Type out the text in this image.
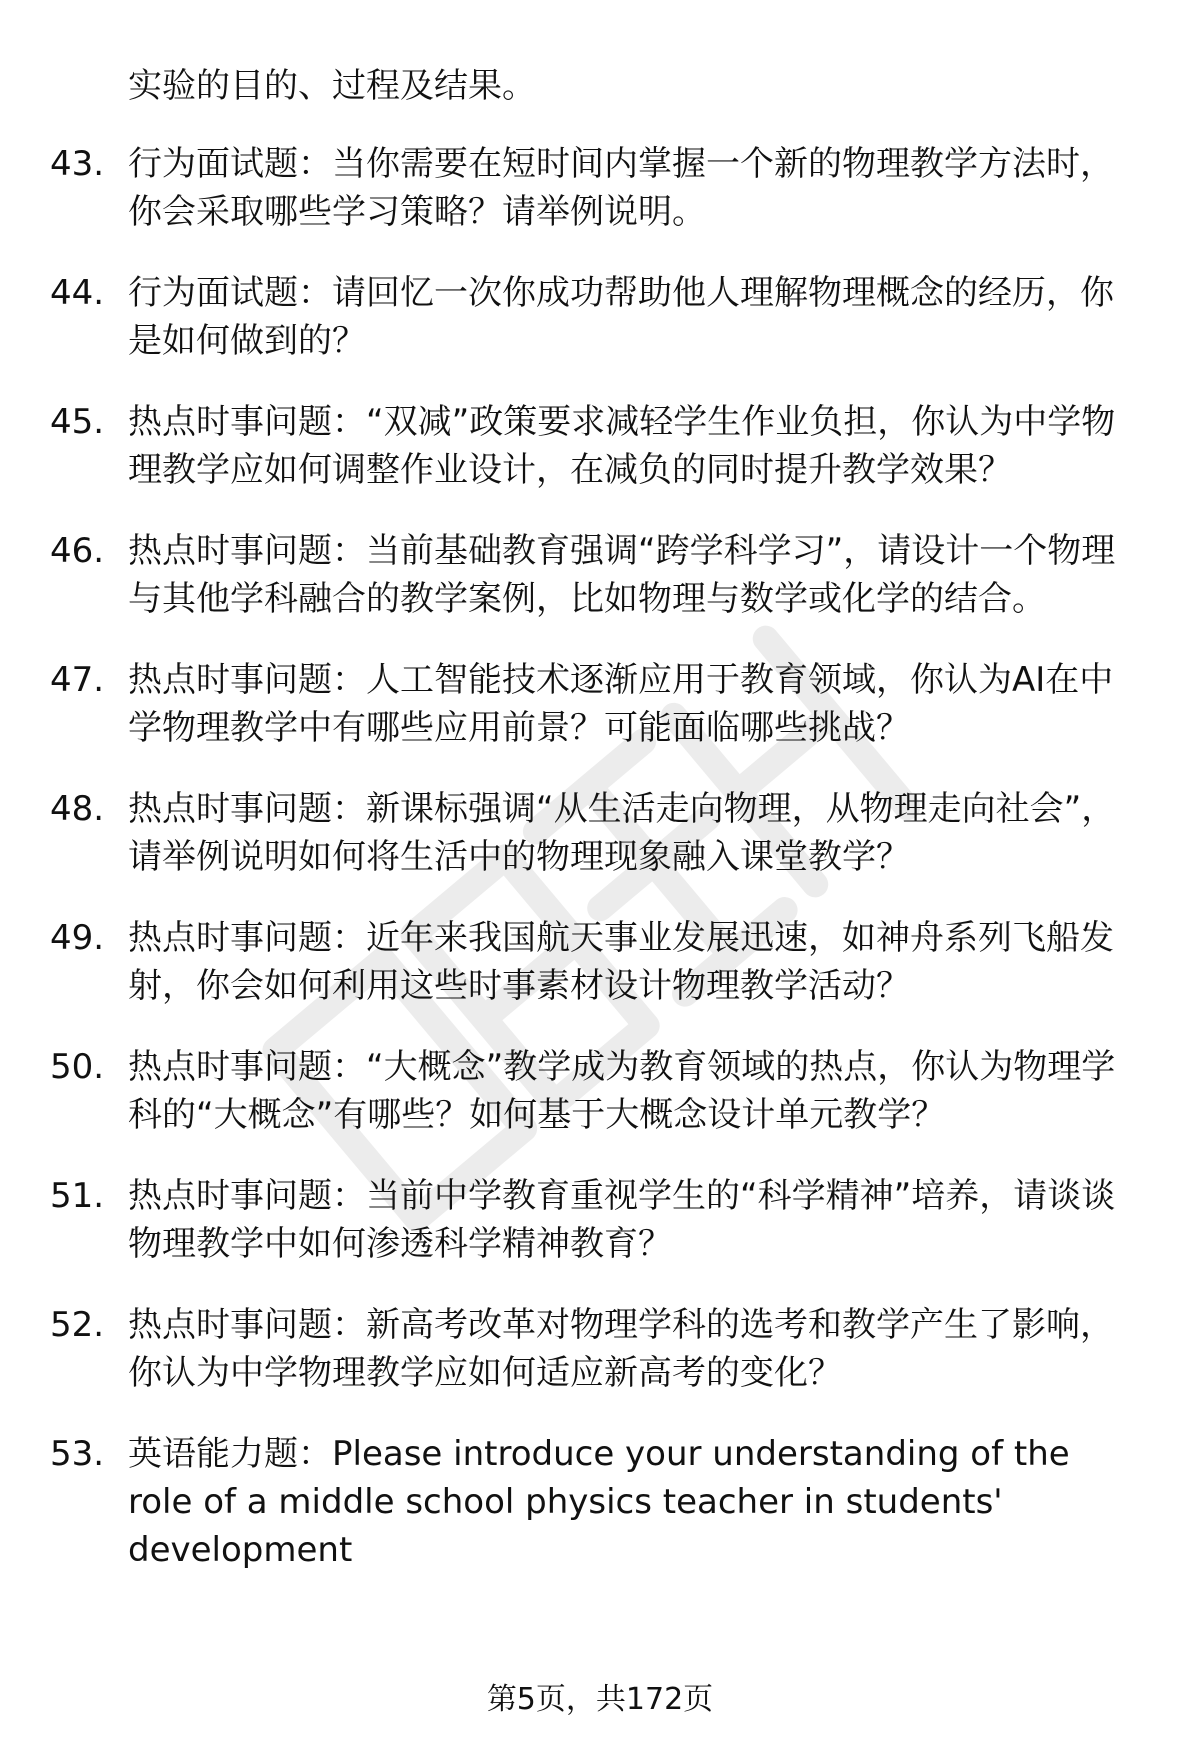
实验的目的、过程及结果。
43. 行为面试题：当你需要在短时间内掌握一个新的物理教学方法时，你会采取哪些学习策略？请举例说明。
44. 行为面试题：请回忆一次你成功帮助他人理解物理概念的经历，你是如何做到的？
45. 热点时事问题：“双减”政策要求减轻学生作业负担，你认为中学物理教学应如何调整作业设计，在减负的同时提升教学效果？
46. 热点时事问题：当前基础教育强调“跨学科学习”，请设计一个物理与其他学科融合的教学案例，比如物理与数学或化学的结合。
47. 热点时事问题：人工智能技术逐渐应用于教育领域，你认为AI在中学物理教学中有哪些应用前景？可能面临哪些挑战？
48. 热点时事问题：新课标强调“从生活走向物理，从物理走向社会”，请举例说明如何将生活中的物理现象融入课堂教学？
49. 热点时事问题：近年来我国航天事业发展迅速，如神舟系列飞船发射，你会如何利用这些时事素材设计物理教学活动？
50. 热点时事问题：“大概念”教学成为教育领域的热点，你认为物理学科的“大概念”有哪些？如何基于大概念设计单元教学？
51. 热点时事问题：当前中学教育重视学生的“科学精神”培养，请谈谈物理教学中如何渗透科学精神教育？
52. 热点时事问题：新高考改革对物理学科的选考和教学产生了影响，你认为中学物理教学应如何适应新高考的变化？
53. 英语能力题：Please introduce your understanding of the role of a middle school physics teacher in students' development
第5页，共172页
